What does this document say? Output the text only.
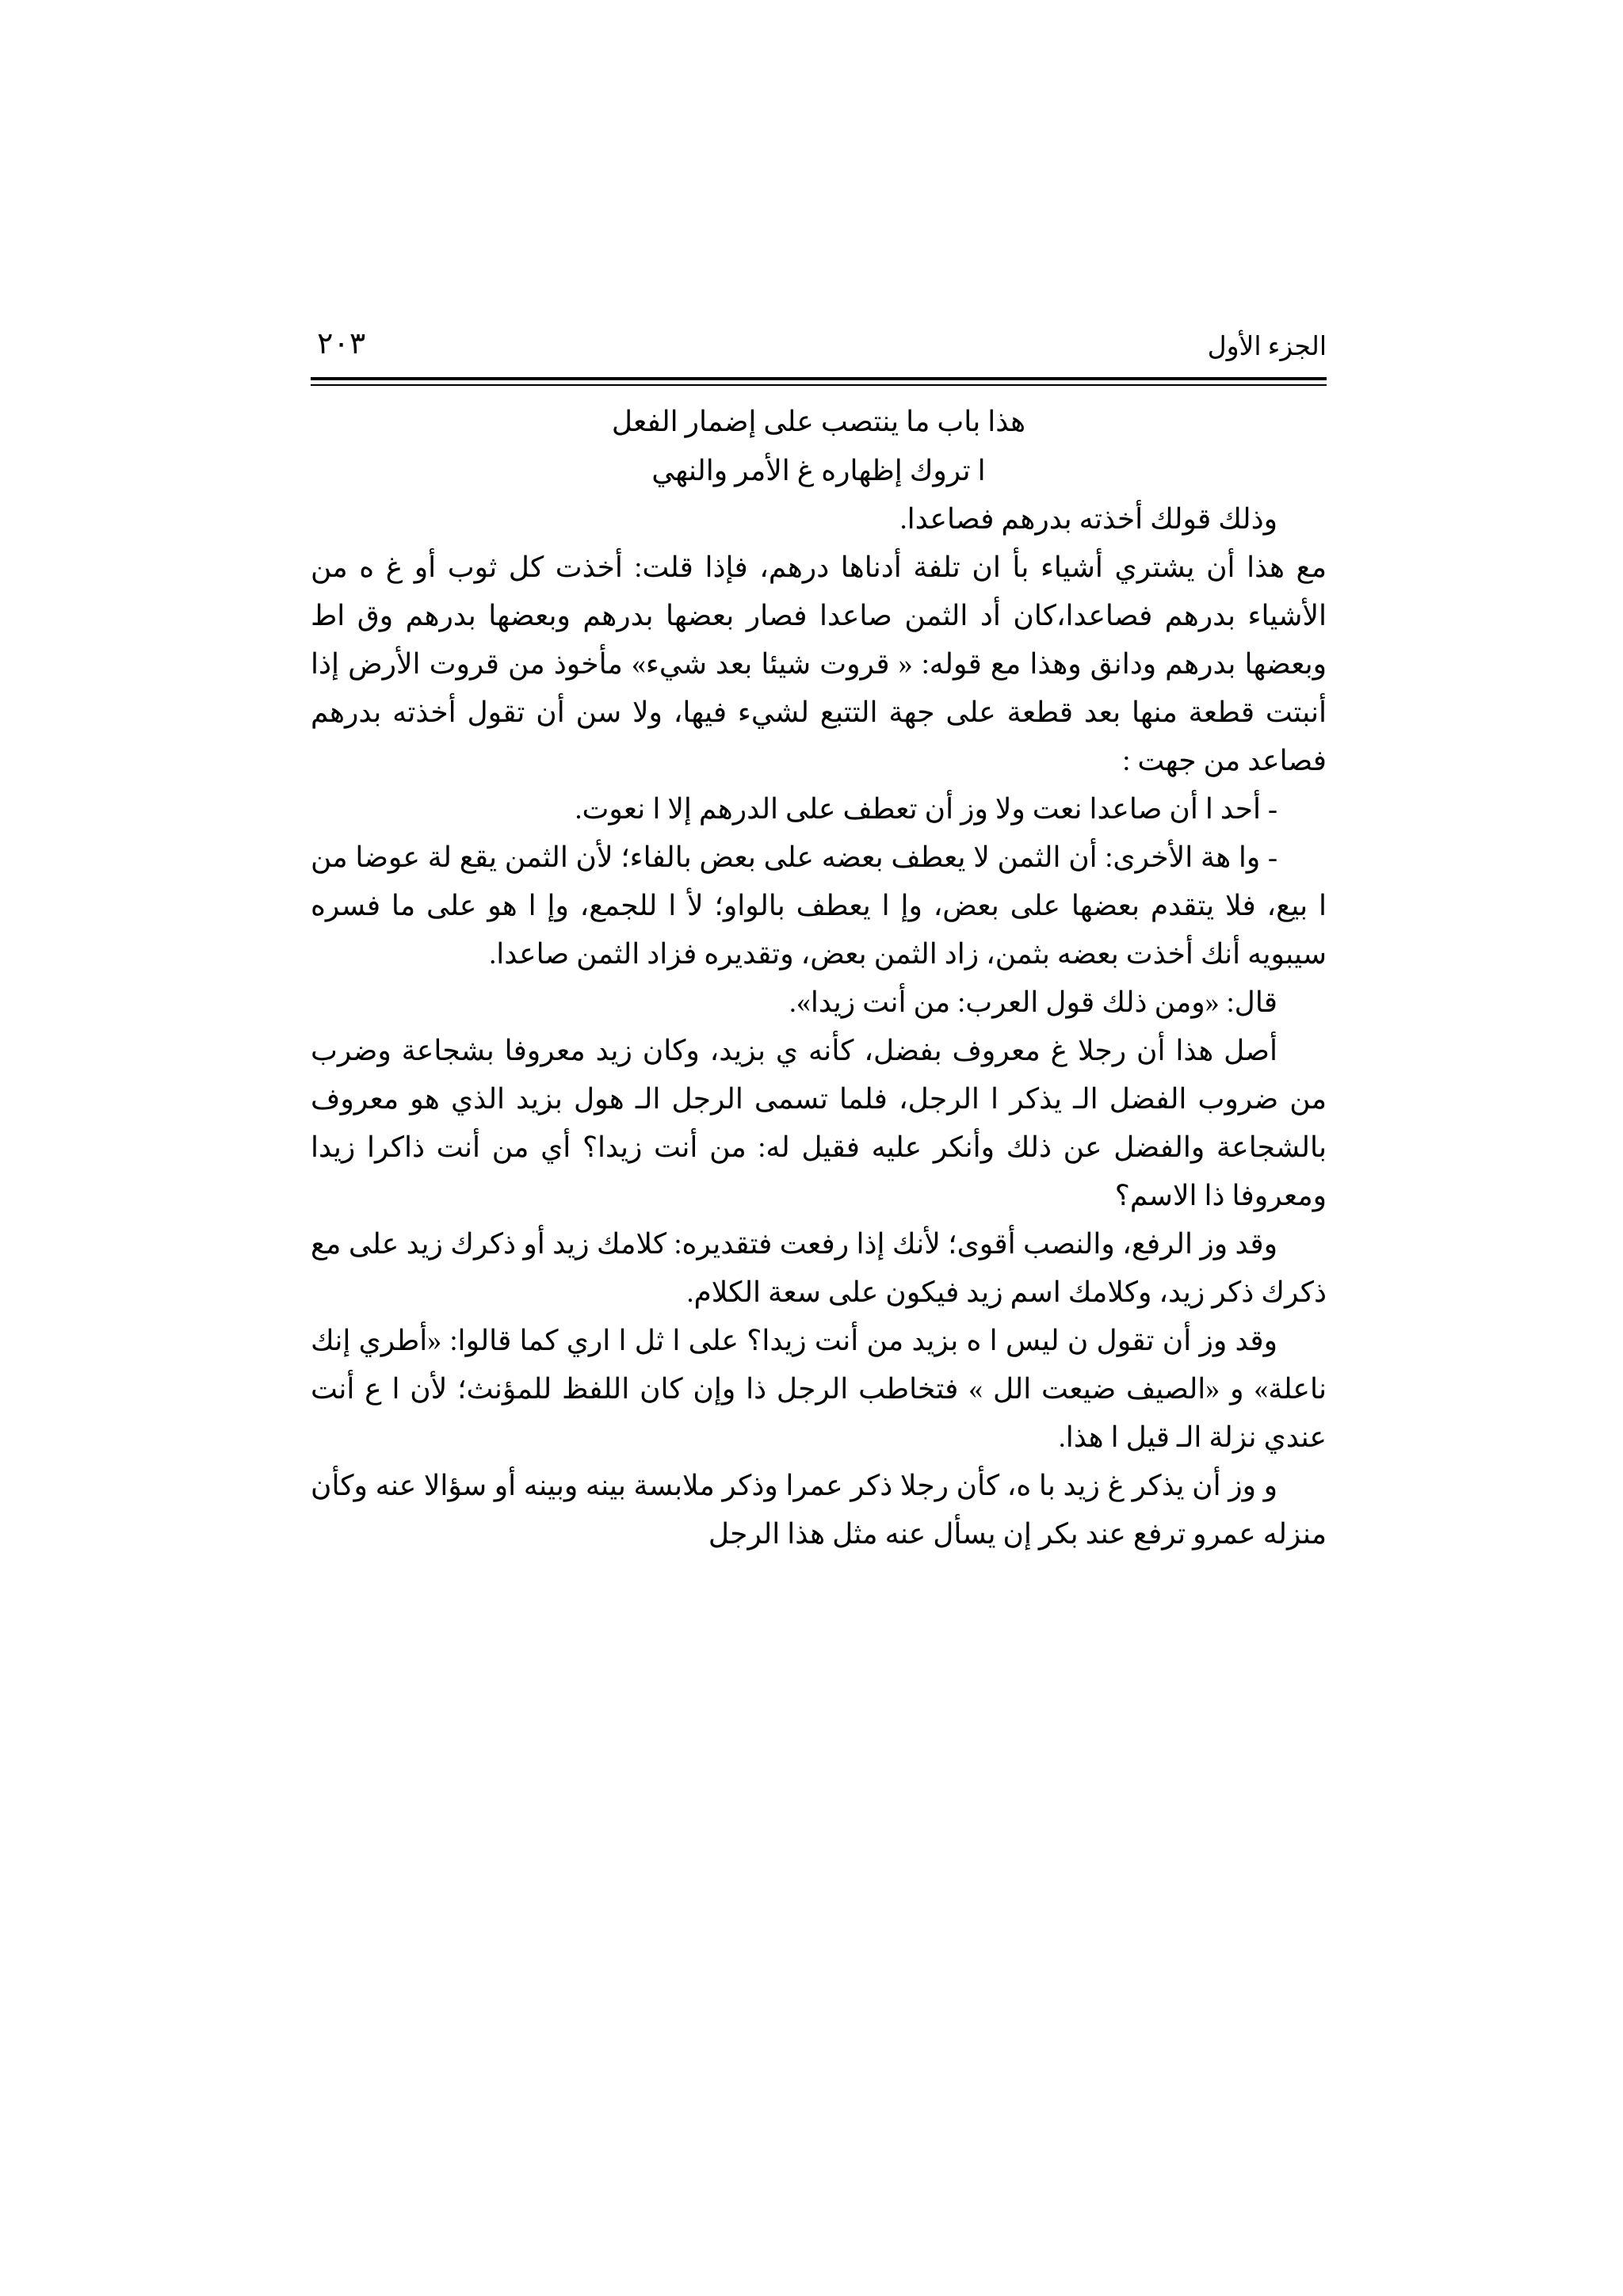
الجزء الأول
٢٠٣
هذا باب ما ينتصب على إضمار الفعل
ا تروك إظهاره غ الأمر والنهي

وذلك قولك أخذته بدرهم فصاعدا.

مع هذا أن يشتري أشياء بأ ان تلفة أدناها درهم، فإذا قلت: أخذت كل ثوب أو غ ه من الأشياء بدرهم فصاعدا،كان أد الثمن صاعدا فصار بعضها بدرهم وبعضها بدرهم وق اط وبعضها بدرهم ودانق وهذا مع قوله: « قروت شيئا بعد شيء» مأخوذ من قروت الأرض إذا أنبتت قطعة منها بعد قطعة على جهة التتبع لشيء فيها، ولا سن أن تقول أخذته بدرهم فصاعد من جهت :

- أحد ا أن صاعدا نعت ولا وز أن تعطف على الدرهم إلا ا نعوت.

- وا هة الأخرى: أن الثمن لا يعطف بعضه على بعض بالفاء؛ لأن الثمن يقع لة عوضا من ا بيع، فلا يتقدم بعضها على بعض، وإ ا يعطف بالواو؛ لأ ا للجمع، وإ ا هو على ما فسره سيبويه أنك أخذت بعضه بثمن، زاد الثمن بعض، وتقديره فزاد الثمن صاعدا.

قال: «ومن ذلك قول العرب: من أنت زيدا».

أصل هذا أن رجلا غ معروف بفضل، كأنه ي بزيد، وكان زيد معروفا بشجاعة وضرب من ضروب الفضل الـ يذكر ا الرجل، فلما تسمى الرجل الـ هول بزيد الذي هو معروف بالشجاعة والفضل عن ذلك وأنكر عليه فقيل له: من أنت زيدا؟ أي من أنت ذاكرا زيدا ومعروفا ذا الاسم؟

وقد وز الرفع، والنصب أقوى؛ لأنك إذا رفعت فتقديره: كلامك زيد أو ذكرك زيد على مع ذكرك ذكر زيد، وكلامك اسم زيد فيكون على سعة الكلام.

وقد وز أن تقول ن ليس ا ه بزيد من أنت زيدا؟ على ا ثل ا اري كما قالوا: «أطري إنك ناعلة» و «الصيف ضيعت الل » فتخاطب الرجل ذا وإن كان اللفظ للمؤنث؛ لأن ا ع أنت عندي نزلة الـ قيل ا هذا.

و وز أن يذكر غ زيد با ه، كأن رجلا ذكر عمرا وذكر ملابسة بينه وبينه أو سؤالا عنه وكأن منزله عمرو ترفع عند بكر إن يسأل عنه مثل هذا الرجل
